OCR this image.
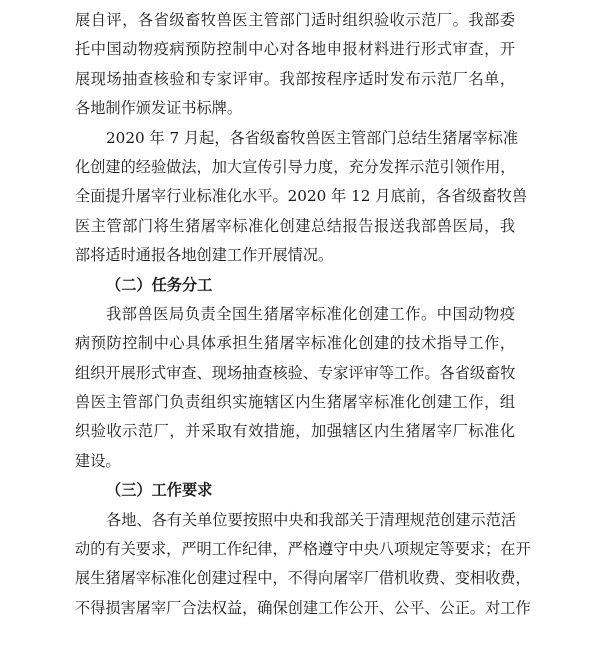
展自评，各省级畜牧兽医主管部门适时组织验收示范厂。我部委
托中国动物疫病预防控制中心对各地申报材料进行形式审查，开
展现场抽查核验和专家评审。我部按程序适时发布示范厂名单，
各地制作颁发证书标牌。
2020 年 7 月起，各省级畜牧兽医主管部门总结生猪屠宰标准
化创建的经验做法，加大宣传引导力度，充分发挥示范引领作用，
全面提升屠宰行业标准化水平。2020 年 12 月底前，各省级畜牧兽
医主管部门将生猪屠宰标准化创建总结报告报送我部兽医局，我
部将适时通报各地创建工作开展情况。
（二）任务分工
我部兽医局负责全国生猪屠宰标准化创建工作。中国动物疫
病预防控制中心具体承担生猪屠宰标准化创建的技术指导工作，
组织开展形式审查、现场抽查核验、专家评审等工作。各省级畜牧
兽医主管部门负责组织实施辖区内生猪屠宰标准化创建工作，组
织验收示范厂，并采取有效措施，加强辖区内生猪屠宰厂标准化
建设。
（三）工作要求
各地、各有关单位要按照中央和我部关于清理规范创建示范活
动的有关要求，严明工作纪律，严格遵守中央八项规定等要求；在开
展生猪屠宰标准化创建过程中，不得向屠宰厂借机收费、变相收费，
不得损害屠宰厂合法权益，确保创建工作公开、公平、公正。对工作
